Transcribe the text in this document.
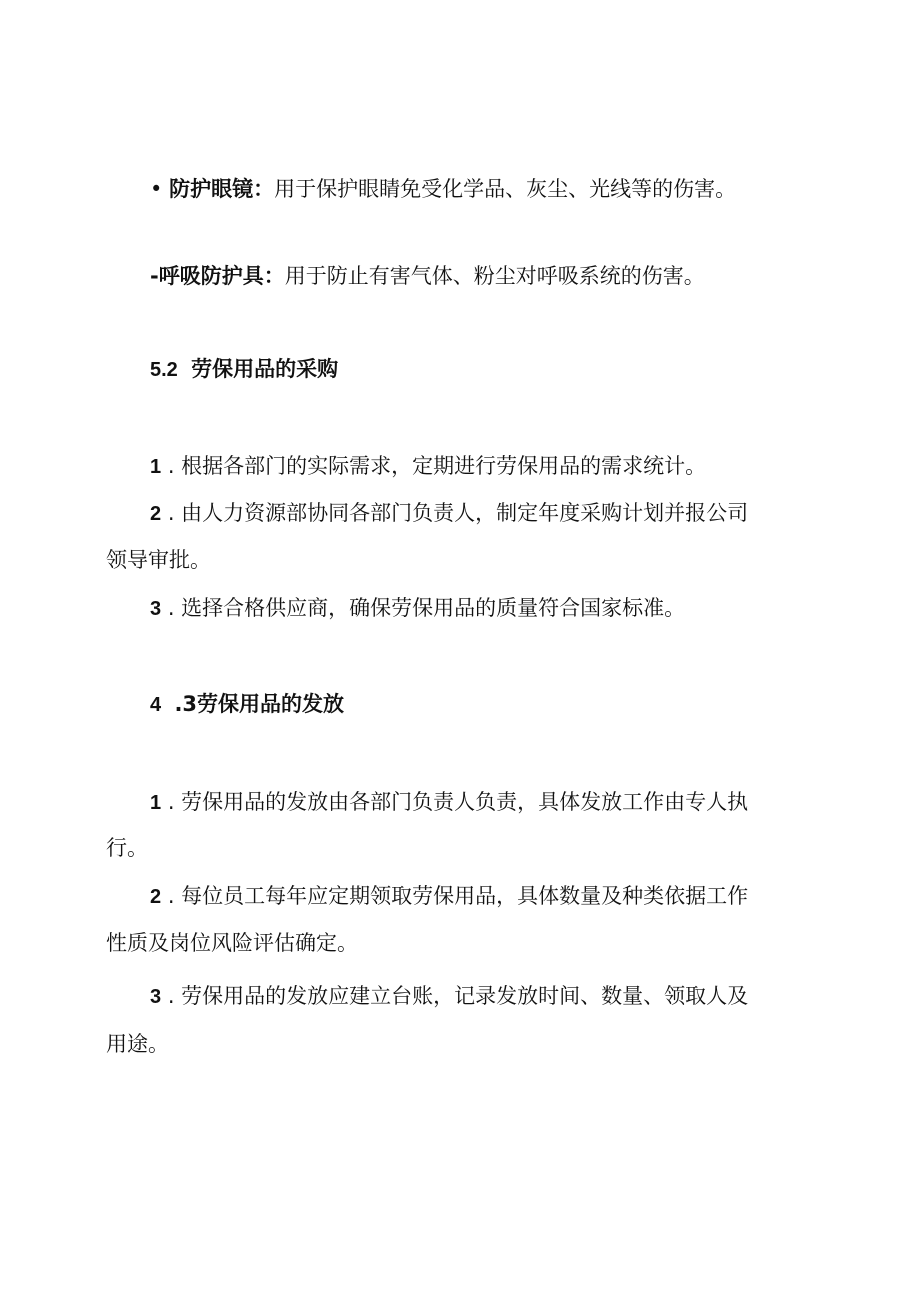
• 防护眼镜：用于保护眼睛免受化学品、灰尘、光线等的伤害。
-呼吸防护具：用于防止有害气体、粉尘对呼吸系统的伤害。
5.2 劳保用品的采购
1 . 根据各部门的实际需求，定期进行劳保用品的需求统计。
2 . 由人力资源部协同各部门负责人，制定年度采购计划并报公司
领导审批。
3 . 选择合格供应商，确保劳保用品的质量符合国家标准。
4 .3劳保用品的发放
1 . 劳保用品的发放由各部门负责人负责，具体发放工作由专人执
行。
2 . 每位员工每年应定期领取劳保用品，具体数量及种类依据工作
性质及岗位风险评估确定。
3 . 劳保用品的发放应建立台账，记录发放时间、数量、领取人及
用途。
